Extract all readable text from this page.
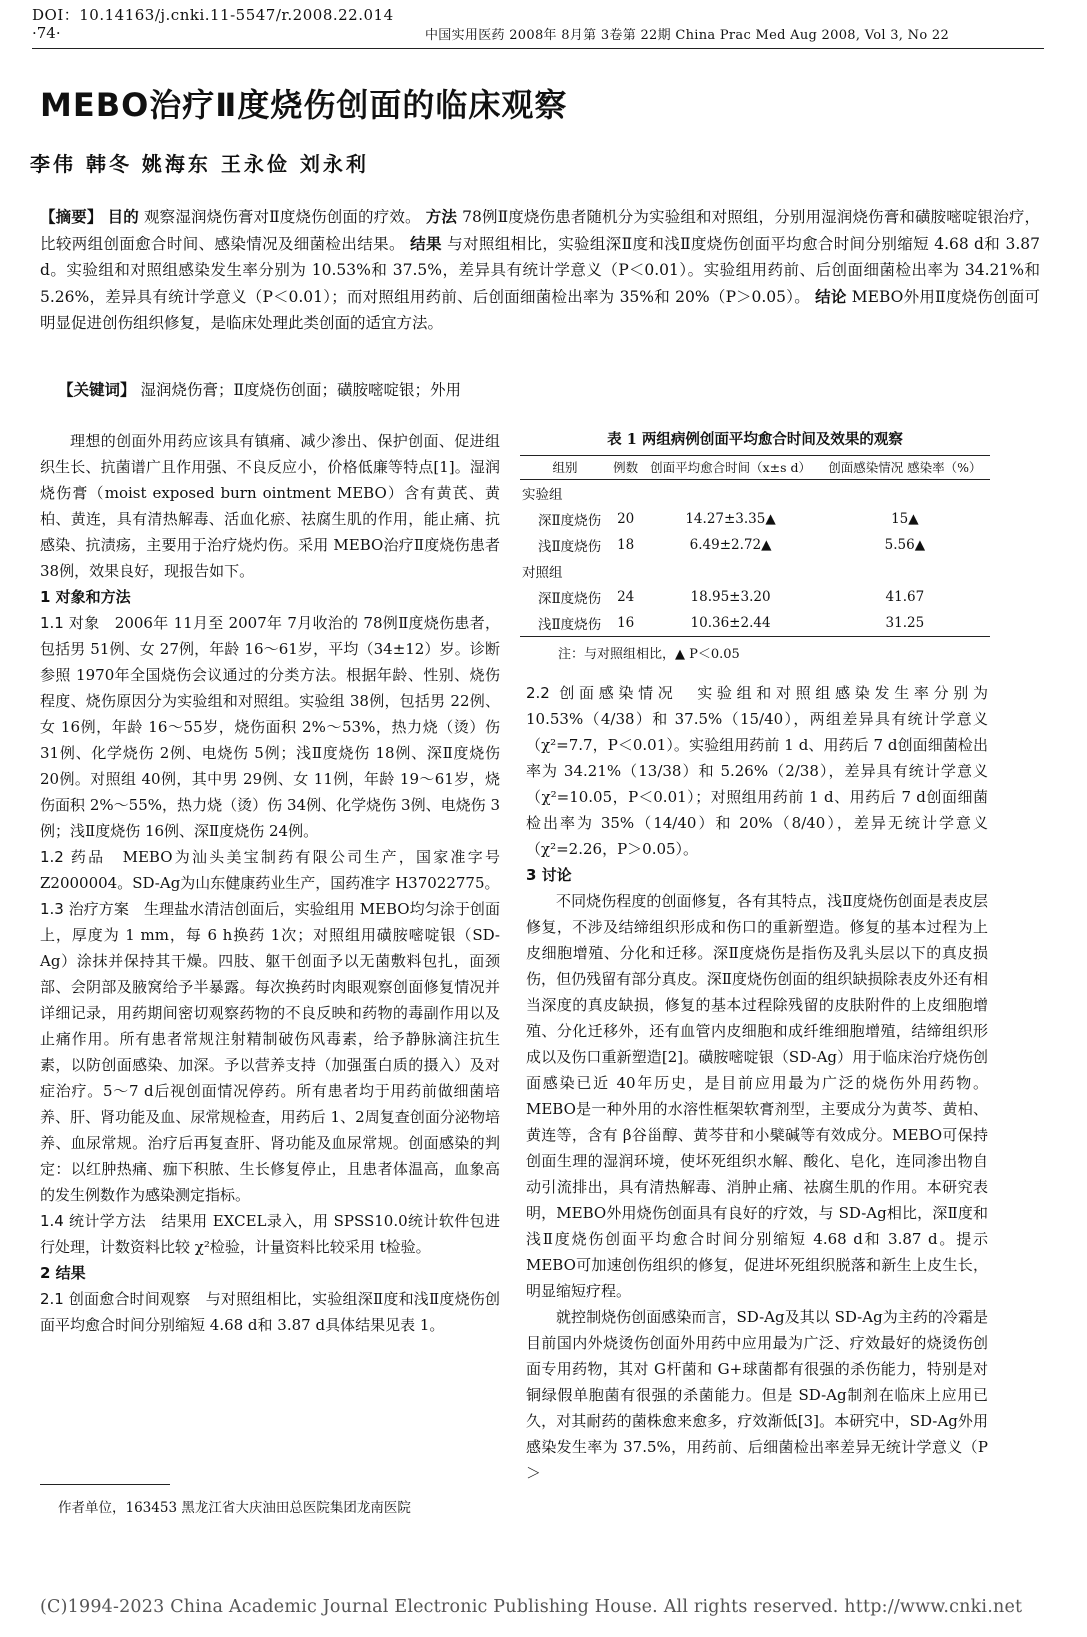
DOI：10.14163/j.cnki.11-5547/r.2008.22.014
·74·	中国实用医药 2008年 8月第 3卷第 22期 China Prac Med Aug 2008, Vol 3, No 22
MEBO治疗Ⅱ度烧伤创面的临床观察
李伟 韩冬 姚海东 王永俭 刘永利
【摘要】 目的 观察湿润烧伤膏对Ⅱ度烧伤创面的疗效。 方法 78例Ⅱ度烧伤患者随机分为实验组和对照组，分别用湿润烧伤膏和磺胺嘧啶银治疗，比较两组创面愈合时间、感染情况及细菌检出结果。 结果 与对照组相比，实验组深Ⅱ度和浅Ⅱ度烧伤创面平均愈合时间分别缩短 4.68 d和 3.87 d。实验组和对照组感染发生率分别为 10.53%和 37.5%，差异具有统计学意义（P＜0.01）。实验组用药前、后创面细菌检出率为 34.21%和 5.26%，差异具有统计学意义（P＜0.01）；而对照组用药前、后创面细菌检出率为 35%和 20%（P＞0.05）。 结论 MEBO外用Ⅱ度烧伤创面可明显促进创伤组织修复，是临床处理此类创面的适宜方法。
【关键词】 湿润烧伤膏；Ⅱ度烧伤创面；磺胺嘧啶银；外用

理想的创面外用药应该具有镇痛、减少渗出、保护创面、促进组织生长、抗菌谱广且作用强、不良反应小，价格低廉等特点[1]。湿润烧伤膏（moist exposed burn ointment MEBO）含有黄芪、黄柏、黄连，具有清热解毒、活血化瘀、祛腐生肌的作用，能止痛、抗感染、抗渍疡，主要用于治疗烧灼伤。采用 MEBO治疗Ⅱ度烧伤患者 38例，效果良好，现报告如下。

1 对象和方法

1.1 对象　 2006年 11月至 2007年 7月收治的 78例Ⅱ度烧伤患者，包括男 51例、女 27例，年龄 16～61岁，平均（34±12）岁。诊断参照 1970年全国烧伤会议通过的分类方法。根据年龄、性别、烧伤程度、烧伤原因分为实验组和对照组。实验组 38例，包括男 22例、女 16例，年龄 16～55岁，烧伤面积 2%～53%，热力烧（烫）伤 31例、化学烧伤 2例、电烧伤 5例；浅Ⅱ度烧伤 18例、深Ⅱ度烧伤 20例。对照组 40例，其中男 29例、女 11例，年龄 19～61岁，烧伤面积 2%～55%，热力烧（烫）伤 34例、化学烧伤 3例、电烧伤 3例；浅Ⅱ度烧伤 16例、深Ⅱ度烧伤 24例。

1.2 药品　 MEBO为汕头美宝制药有限公司生产，国家准字号 Z2000004。SD-Ag为山东健康药业生产，国药准字 H37022775。

1.3 治疗方案　 生理盐水清洁创面后，实验组用 MEBO均匀涂于创面上，厚度为 1 mm，每 6 h换药 1次；对照组用磺胺嘧啶银（SD-Ag）涂抹并保持其干燥。四肢、躯干创面予以无菌敷料包扎，面颈部、会阴部及腋窝给予半暴露。每次换药时肉眼观察创面修复情况并详细记录，用药期间密切观察药物的不良反映和药物的毒副作用以及止痛作用。所有患者常规注射精制破伤风毒素，给予静脉滴注抗生素，以防创面感染、加深。予以营养支持（加强蛋白质的摄入）及对症治疗。5～7 d后视创面情况停药。所有患者均于用药前做细菌培养、肝、肾功能及血、尿常规检查，用药后 1、2周复查创面分泌物培养、血尿常规。治疗后再复查肝、肾功能及血尿常规。创面感染的判定：以红肿热痛、痂下积脓、生长修复停止，且患者体温高，血象高的发生例数作为感染测定指标。

1.4 统计学方法　 结果用 EXCEL录入，用 SPSS10.0统计软件包进行处理，计数资料比较 χ²检验，计量资料比较采用 t检验。

2 结果

2.1 创面愈合时间观察　 与对照组相比，实验组深Ⅱ度和浅Ⅱ度烧伤创面平均愈合时间分别缩短 4.68 d和 3.87 d具体结果见表 1。

表 1 两组病例创面平均愈合时间及效果的观察
组别	例数	创面平均愈合时间（x±s d）	创面感染情况 感染率（%）
实验组			
深Ⅱ度烧伤	20	14.27±3.35▲	15▲
浅Ⅱ度烧伤	18	6.49±2.72▲	5.56▲
对照组			
深Ⅱ度烧伤	24	18.95±3.20	41.67
浅Ⅱ度烧伤	16	10.36±2.44	31.25
注：与对照组相比，▲ P＜0.05

2.2 创面感染情况　 实验组和对照组感染发生率分别为 10.53%（4/38）和 37.5%（15/40），两组差异具有统计学意义（χ²=7.7，P＜0.01）。实验组用药前 1 d、用药后 7 d创面细菌检出率为 34.21%（13/38）和 5.26%（2/38），差异具有统计学意义（χ²=10.05，P＜0.01）；对照组用药前 1 d、用药后 7 d创面细菌检出率为 35%（14/40）和 20%（8/40），差异无统计学意义（χ²=2.26，P＞0.05）。

3 讨论

不同烧伤程度的创面修复，各有其特点，浅Ⅱ度烧伤创面是表皮层修复，不涉及结缔组织形成和伤口的重新塑造。修复的基本过程为上皮细胞增殖、分化和迁移。深Ⅱ度烧伤是指伤及乳头层以下的真皮损伤，但仍残留有部分真皮。深Ⅱ度烧伤创面的组织缺损除表皮外还有相当深度的真皮缺损，修复的基本过程除残留的皮肤附件的上皮细胞增殖、分化迁移外，还有血管内皮细胞和成纤维细胞增殖，结缔组织形成以及伤口重新塑造[2]。磺胺嘧啶银（SD-Ag）用于临床治疗烧伤创面感染已近 40年历史，是目前应用最为广泛的烧伤外用药物。MEBO是一种外用的水溶性框架软膏剂型，主要成分为黄芩、黄柏、黄连等，含有 β谷甾醇、黄芩苷和小檗碱等有效成分。MEBO可保持创面生理的湿润环境，使坏死组织水解、酸化、皂化，连同渗出物自动引流排出，具有清热解毒、消肿止痛、祛腐生肌的作用。本研究表明，MEBO外用烧伤创面具有良好的疗效，与 SD-Ag相比，深Ⅱ度和浅Ⅱ度烧伤创面平均愈合时间分别缩短 4.68 d和 3.87 d。提示 MEBO可加速创伤组织的修复，促进坏死组织脱落和新生上皮生长，明显缩短疗程。

就控制烧伤创面感染而言，SD-Ag及其以 SD-Ag为主药的冷霜是目前国内外烧烫伤创面外用药中应用最为广泛、疗效最好的烧烫伤创面专用药物，其对 G杆菌和 G+球菌都有很强的杀伤能力，特别是对铜绿假单胞菌有很强的杀菌能力。但是 SD-Ag制剂在临床上应用已久，对其耐药的菌株愈来愈多，疗效渐低[3]。本研究中，SD-Ag外用感染发生率为 37.5%，用药前、后细菌检出率差异无统计学意义（P＞

作者单位，163453 黑龙江省大庆油田总医院集团龙南医院
(C)1994-2023 China Academic Journal Electronic Publishing House. All rights reserved. http://www.cnki.net
